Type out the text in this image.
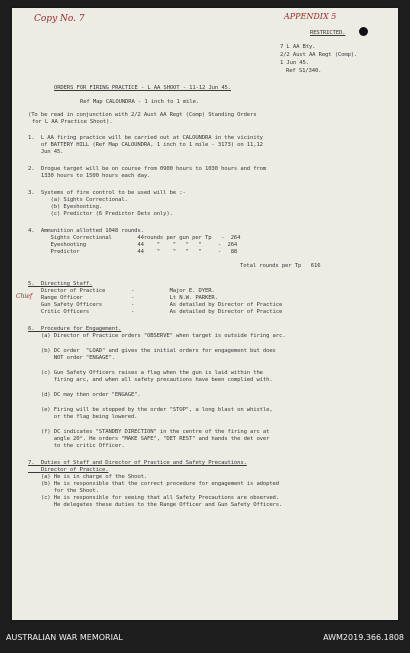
Copy No. 7	APPENDIX 5
Chief
RESTRICTED.
7 L AA Bty.
2/2 Aust AA Regt (Comp).
1 Jun 45.
Ref S1/340.
ORDERS FOR FIRING PRACTICE - L AA SHOOT - 11-12 Jun 45.
Ref Map CALOUNDRA - 1 inch to 1 mile.
(To be read in conjunction with 2/2 Aust AA Regt (Comp) Standing Orders
for L AA Practice Shoot).
1.  L AA firing practice will be carried out at CALOUNDRA in the vicinity
of BATTERY HILL (Ref Map CALOUNDRA, 1 inch to 1 mile - 3173) on 11,12
Jun 45.
2.  Drogue target will be on course from 0900 hours to 1030 hours and from
1330 hours to 1500 hours each day.
3.  Systems of fire control to be used will be :-
(a) Sights Correctional.
(b) Eyeshooting.
(c) Predictor (6 Predictor Dets only).
4.  Ammunition allotted 1048 rounds.
Sights Correctional        44rounds per gun per Tp   -  264
Eyeshooting                44    "    "   "   "     -  264
Predictor                  44    "    "   "   "     -   88
Total rounds per Tp   616
5.  Directing Staff.
Director of Practice        -           Major E. DYER.
Range Officer               -           Lt N.W. PARKER.
Gun Safety Officers         -           As detailed by Director of Practice
Critic Officers             -           As detailed by Director of Practice
6.  Procedure for Engagement.
(a) Director of Practice orders "OBSERVE" when target is outside firing arc.
(b) DC order  "LOAD" and gives the initial orders for engagement but does
NOT order "ENGAGE".
(c) Gun Safety Officers raises a flag when the gun is laid within the
firing arc, and when all safety precautions have been complied with.
(d) DC may then order "ENGAGE".
(e) Firing will be stopped by the order "STOP", a long blast on whistle,
or the flag being lowered.
(f) DC indicates "STANDBY DIRECTION" in the centre of the firing arc at
angle 20°. He orders "MAKE SAFE", "DET REST" and hands the det over
to the critic Officer.
7.  Duties of Staff and Director of Practice and Safety Precautions.
Director of Practice.
(a) He is in charge of the Shoot.
(b) He is responsible that the correct procedure for engagement is adopted
for the Shoot.
(c) He is responsible for seeing that all Safety Precautions are observed.
He delegates these duties to the Range Officer and Gun Safety Officers.
AUSTRALIAN WAR MEMORIAL	AWM2019.366.1808
